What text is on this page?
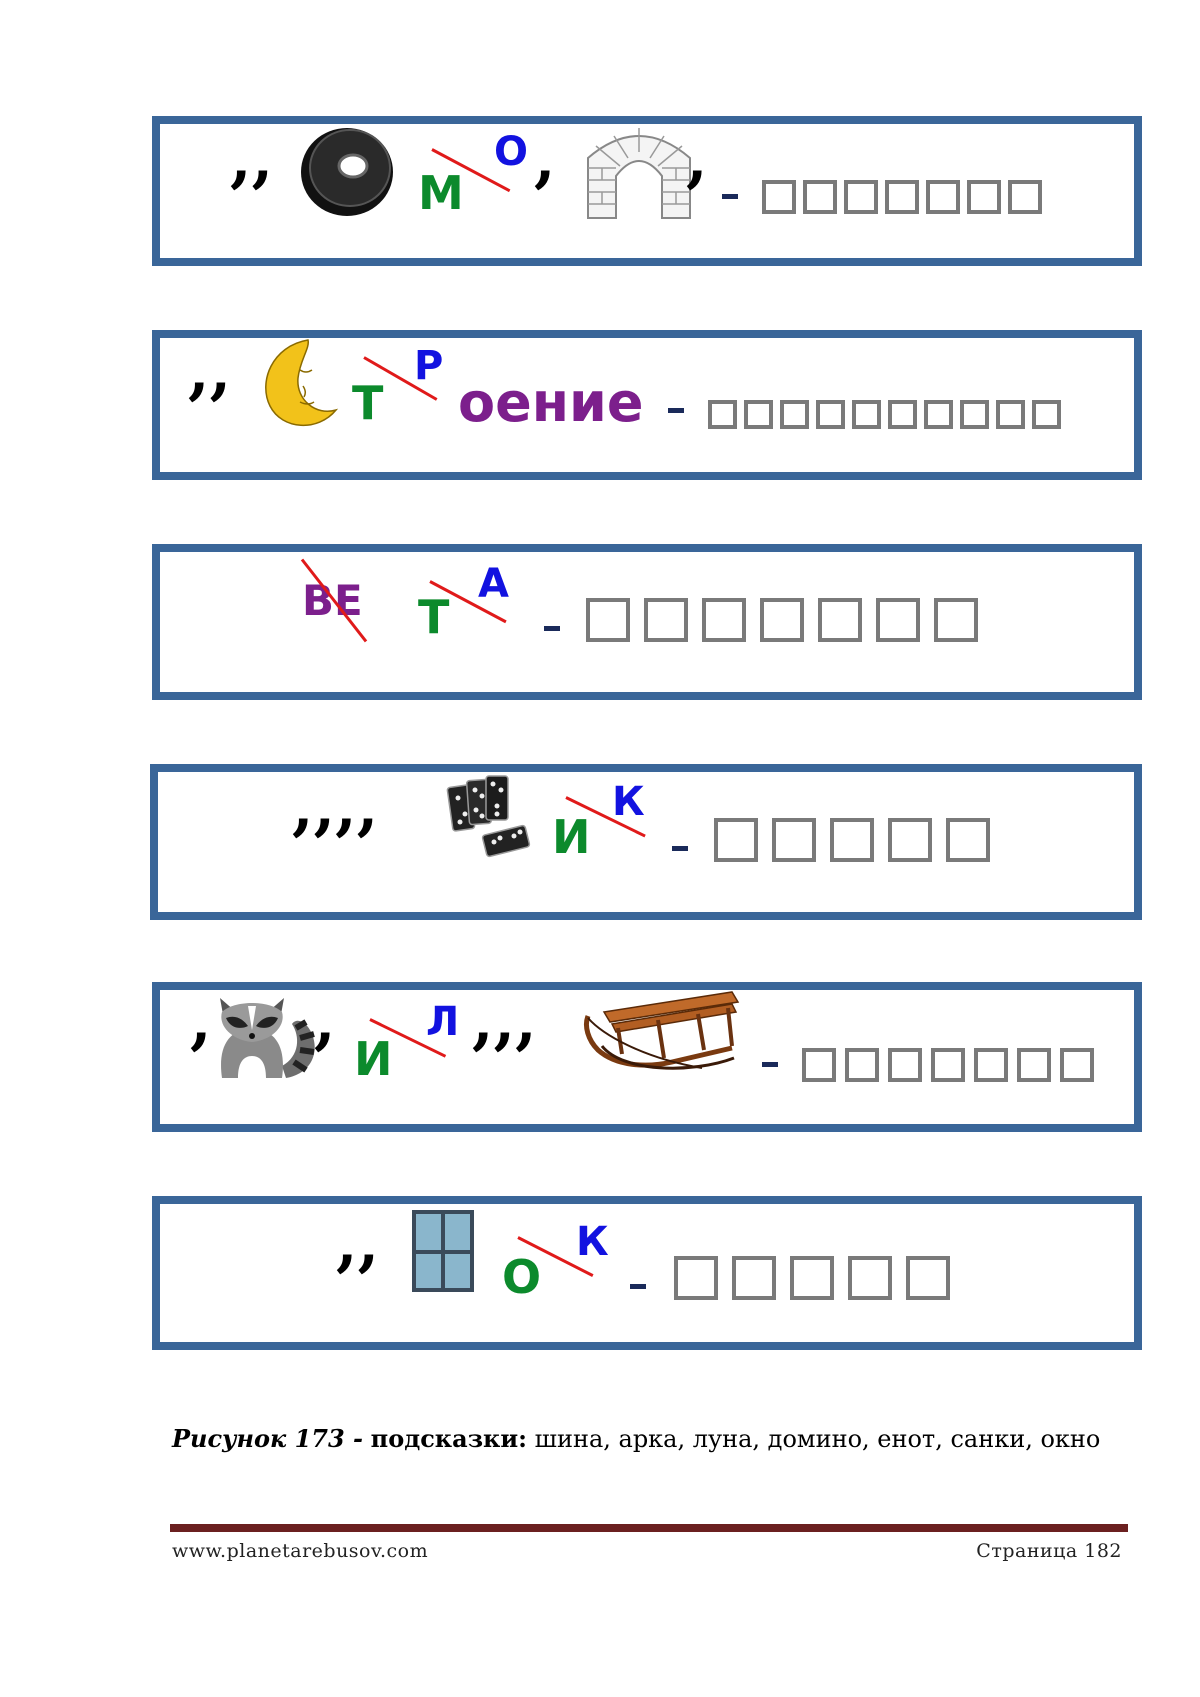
,,	М
О , ,
,,	Т
Р
оение
ВЕ Т
А
,,,,	И
К
, ,
И
Л ,,,
,,	О
К
Рисунок 173 - подсказки: шина, арка, луна, домино, енот, санки, окно
www.planetarebusov.com	Страница 182
